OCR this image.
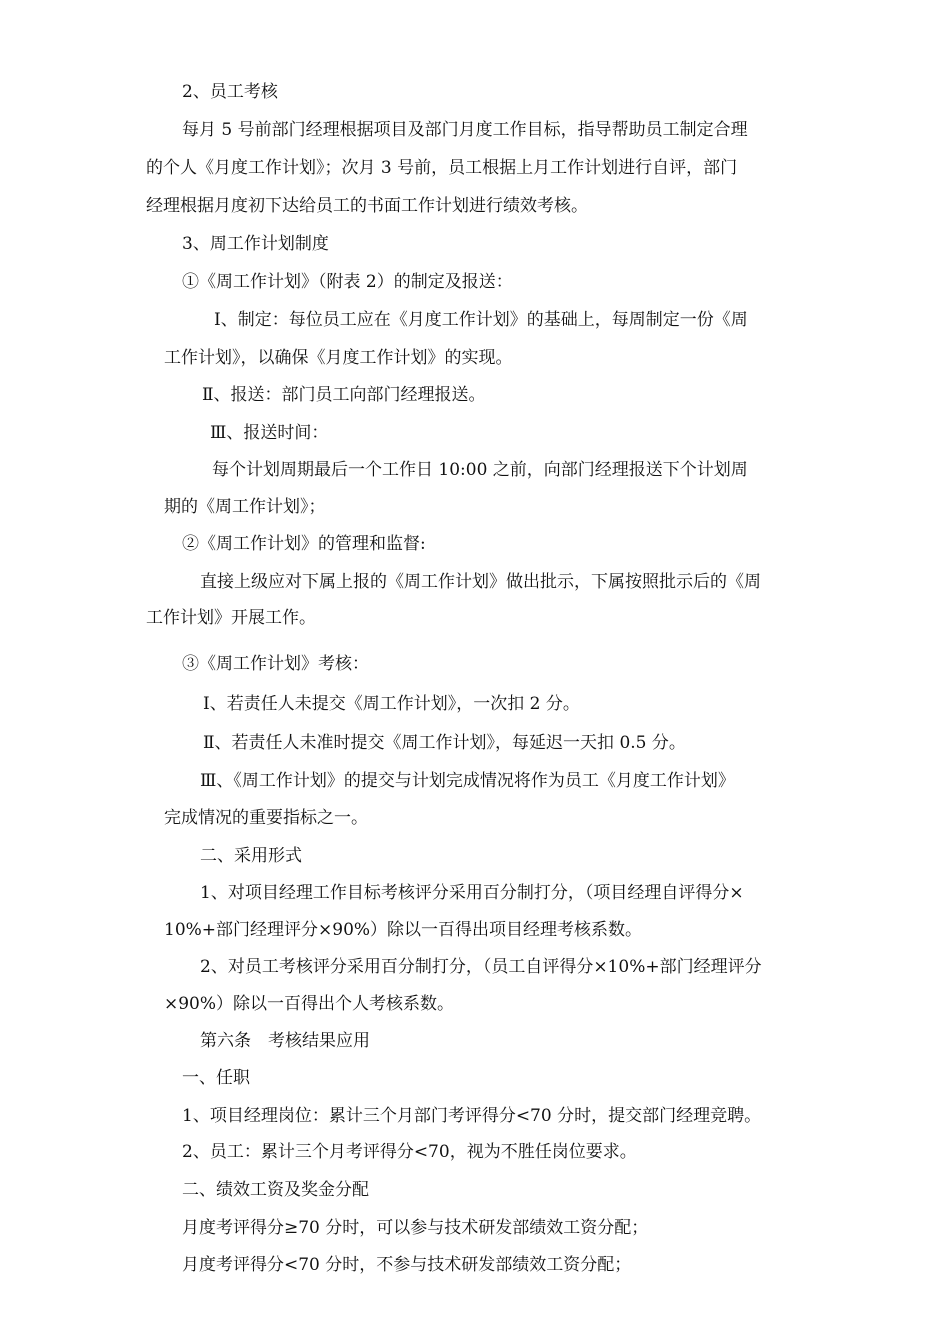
2、员工考核
每月 5 号前部门经理根据项目及部门月度工作目标，指导帮助员工制定合理
的个人《月度工作计划》；次月 3 号前，员工根据上月工作计划进行自评，部门
经理根据月度初下达给员工的书面工作计划进行绩效考核。
3、周工作计划制度
①《周工作计划》（附表 2）的制定及报送：
Ⅰ、制定：每位员工应在《月度工作计划》的基础上，每周制定一份《周
工作计划》，以确保《月度工作计划》的实现。
Ⅱ、报送：部门员工向部门经理报送。
Ⅲ、报送时间：
每个计划周期最后一个工作日 10:00 之前，向部门经理报送下个计划周
期的《周工作计划》；
②《周工作计划》的管理和监督:
直接上级应对下属上报的《周工作计划》做出批示，下属按照批示后的《周
工作计划》开展工作。
③《周工作计划》考核：
Ⅰ、若责任人未提交《周工作计划》，一次扣 2 分。
Ⅱ、若责任人未准时提交《周工作计划》，每延迟一天扣 0.5 分。
Ⅲ、《周工作计划》的提交与计划完成情况将作为员工《月度工作计划》
完成情况的重要指标之一。
二、采用形式
1、对项目经理工作目标考核评分采用百分制打分，（项目经理自评得分×
10%+部门经理评分×90%）除以一百得出项目经理考核系数。
2、对员工考核评分采用百分制打分，（员工自评得分×10%+部门经理评分
×90%）除以一百得出个人考核系数。
第六条　考核结果应用
一、任职
1、项目经理岗位：累计三个月部门考评得分<70 分时，提交部门经理竞聘。
2、员工：累计三个月考评得分<70，视为不胜任岗位要求。
二、绩效工资及奖金分配
月度考评得分≥70 分时，可以参与技术研发部绩效工资分配；
月度考评得分<70 分时，不参与技术研发部绩效工资分配；
